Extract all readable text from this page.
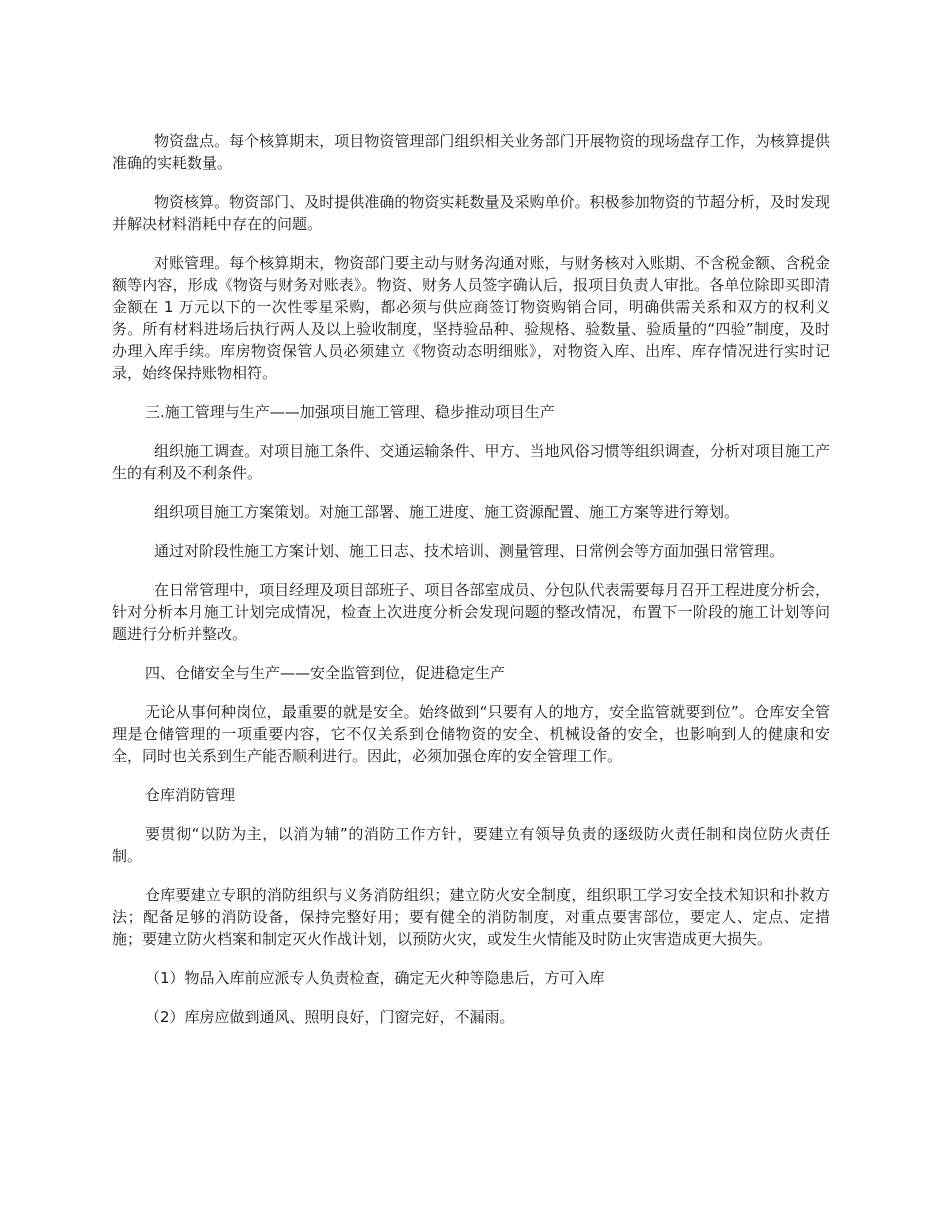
物资盘点。每个核算期末，项目物资管理部门组织相关业务部门开展物资的现场盘存工作，为核算提供准确的实耗数量。

物资核算。物资部门、及时提供准确的物资实耗数量及采购单价。积极参加物资的节超分析，及时发现并解决材料消耗中存在的问题。

对账管理。每个核算期末，物资部门要主动与财务沟通对账，与财务核对入账期、不含税金额、含税金额等内容，形成《物资与财务对账表》。物资、财务人员签字确认后，报项目负责人审批。各单位除即买即清金额在 1 万元以下的一次性零星采购，都必须与供应商签订物资购销合同，明确供需关系和双方的权利义务。所有材料进场后执行两人及以上验收制度，坚持验品种、验规格、验数量、验质量的“四验”制度，及时办理入库手续。库房物资保管人员必须建立《物资动态明细账》，对物资入库、出库、库存情况进行实时记录，始终保持账物相符。

三.施工管理与生产——加强项目施工管理、稳步推动项目生产

组织施工调查。对项目施工条件、交通运输条件、甲方、当地风俗习惯等组织调查，分析对项目施工产生的有利及不利条件。

组织项目施工方案策划。对施工部署、施工进度、施工资源配置、施工方案等进行筹划。

通过对阶段性施工方案计划、施工日志、技术培训、测量管理、日常例会等方面加强日常管理。

在日常管理中，项目经理及项目部班子、项目各部室成员、分包队代表需要每月召开工程进度分析会，针对分析本月施工计划完成情况，检查上次进度分析会发现问题的整改情况，布置下一阶段的施工计划等问题进行分析并整改。

四、仓储安全与生产——安全监管到位，促进稳定生产

无论从事何种岗位，最重要的就是安全。始终做到“只要有人的地方，安全监管就要到位”。仓库安全管理是仓储管理的一项重要内容，它不仅关系到仓储物资的安全、机械设备的安全，也影响到人的健康和安全，同时也关系到生产能否顺利进行。因此，必须加强仓库的安全管理工作。

仓库消防管理

要贯彻“以防为主，以消为辅”的消防工作方针，要建立有领导负责的逐级防火责任制和岗位防火责任制。

仓库要建立专职的消防组织与义务消防组织；建立防火安全制度，组织职工学习安全技术知识和扑救方法；配备足够的消防设备，保持完整好用；要有健全的消防制度，对重点要害部位，要定人、定点、定措施；要建立防火档案和制定灭火作战计划，以预防火灾，或发生火情能及时防止灾害造成更大损失。

（1）物品入库前应派专人负责检查，确定无火种等隐患后，方可入库

（2）库房应做到通风、照明良好，门窗完好，不漏雨。
